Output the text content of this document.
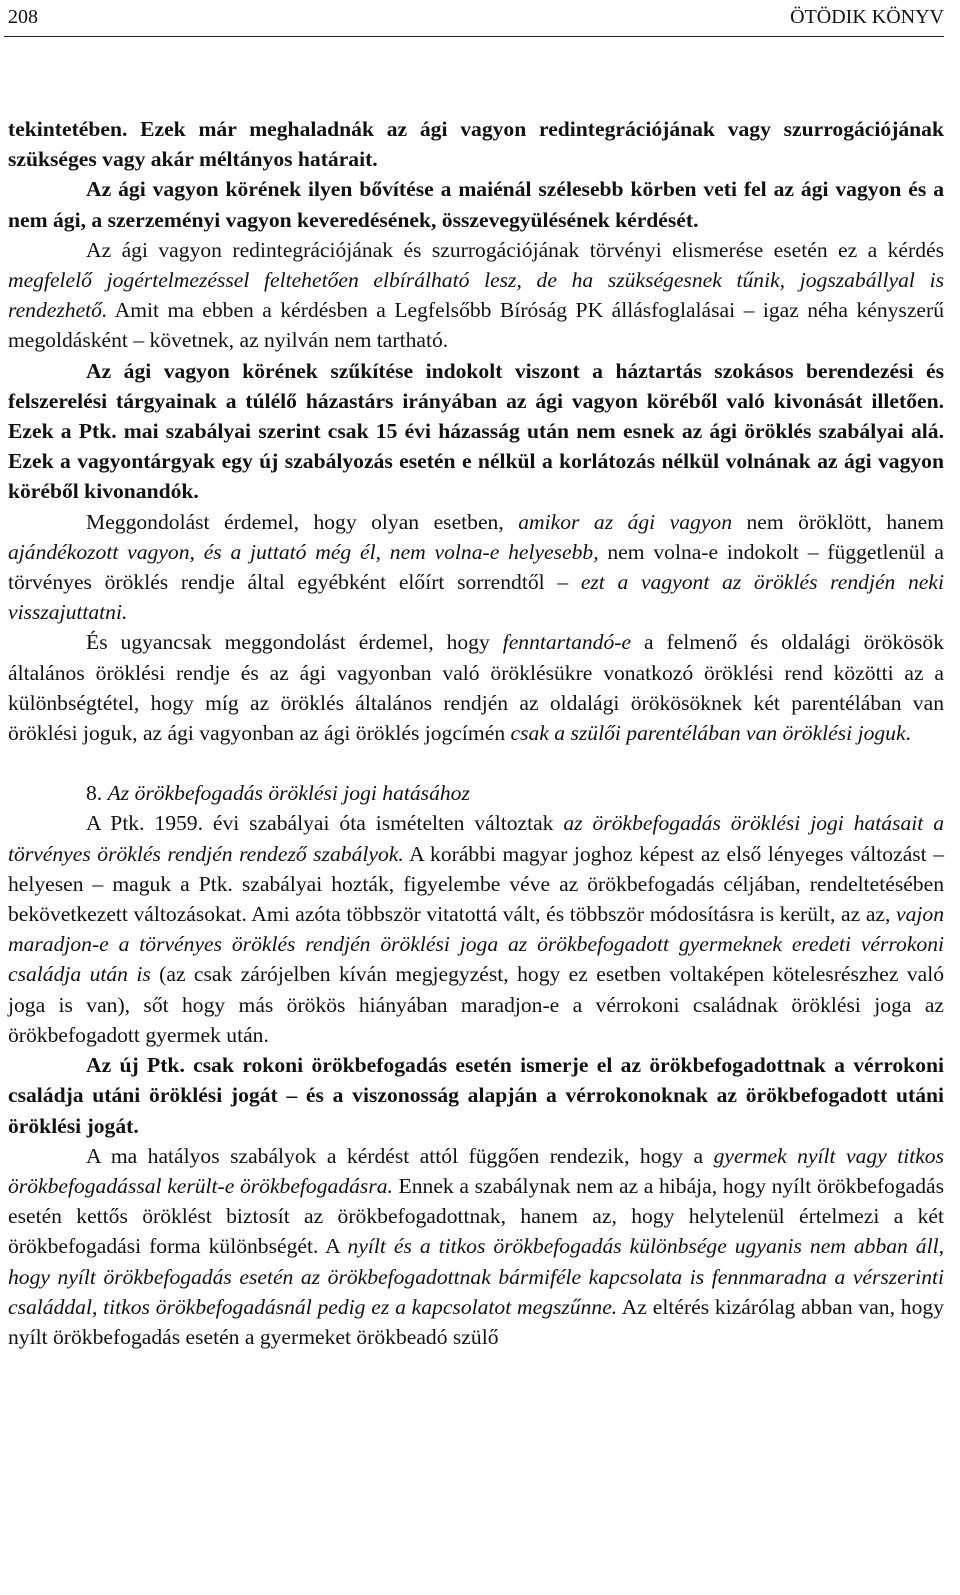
208	ÖTÖDIK KÖNYV

tekintetében. Ezek már meghaladnák az ági vagyon redintegrációjának vagy szurrogációjának szükséges vagy akár méltányos határait.

Az ági vagyon körének ilyen bővítése a maiénál szélesebb körben veti fel az ági vagyon és a nem ági, a szerzeményi vagyon keveredésének, összevegyülésének kérdését.

Az ági vagyon redintegrációjának és szurrogációjának törvényi elismerése esetén ez a kérdés megfelelő jogértelmezéssel feltehetően elbírálható lesz, de ha szükségesnek tűnik, jogszabállyal is rendezhető. Amit ma ebben a kérdésben a Legfelsőbb Bíróság PK állásfoglalásai – igaz néha kényszerű megoldásként – követnek, az nyilván nem tartható.

Az ági vagyon körének szűkítése indokolt viszont a háztartás szokásos berendezési és felszerelési tárgyainak a túlélő házastárs irányában az ági vagyon köréből való kivonását illetően. Ezek a Ptk. mai szabályai szerint csak 15 évi házasság után nem esnek az ági öröklés szabályai alá. Ezek a vagyontárgyak egy új szabályozás esetén e nélkül a korlátozás nélkül volnának az ági vagyon köréből kivonandók.

Meggondolást érdemel, hogy olyan esetben, amikor az ági vagyon nem öröklött, hanem ajándékozott vagyon, és a juttató még él, nem volna-e helyesebb, nem volna-e indokolt – függetlenül a törvényes öröklés rendje által egyébként előírt sorrendtől – ezt a vagyont az öröklés rendjén neki visszajuttatni.

És ugyancsak meggondolást érdemel, hogy fenntartandó-e a felmenő és oldalági örökösök általános öröklési rendje és az ági vagyonban való öröklésükre vonatkozó öröklési rend közötti az a különbségtétel, hogy míg az öröklés általános rendjén az oldalági örökösöknek két parentélában van öröklési joguk, az ági vagyonban az ági öröklés jogcímén csak a szülői parentélában van öröklési joguk.

8. Az örökbefogadás öröklési jogi hatásához

A Ptk. 1959. évi szabályai óta ismételten változtak az örökbefogadás öröklési jogi hatásait a törvényes öröklés rendjén rendező szabályok. A korábbi magyar joghoz képest az első lényeges változást – helyesen – maguk a Ptk. szabályai hozták, figyelembe véve az örökbefogadás céljában, rendeltetésében bekövetkezett változásokat. Ami azóta többször vitatottá vált, és többször módosításra is került, az az, vajon maradjon-e a törvényes öröklés rendjén öröklési joga az örökbefogadott gyermeknek eredeti vérrokoni családja után is (az csak zárójelben kíván megjegyzést, hogy ez esetben voltaképen kötelesrészhez való joga is van), sőt hogy más örökös hiányában maradjon-e a vérrokoni családnak öröklési joga az örökbefogadott gyermek után.

Az új Ptk. csak rokoni örökbefogadás esetén ismerje el az örökbefogadottnak a vérrokoni családja utáni öröklési jogát – és a viszonosság alapján a vérrokonoknak az örökbefogadott utáni öröklési jogát.

A ma hatályos szabályok a kérdést attól függően rendezik, hogy a gyermek nyílt vagy titkos örökbefogadással került-e örökbefogadásra. Ennek a szabálynak nem az a hibája, hogy nyílt örökbefogadás esetén kettős öröklést biztosít az örökbefogadottnak, hanem az, hogy helytelenül értelmezi a két örökbefogadási forma különbségét. A nyílt és a titkos örökbefogadás különbsége ugyanis nem abban áll, hogy nyílt örökbefogadás esetén az örökbefogadottnak bármiféle kapcsolata is fennmaradna a vérszerinti családdal, titkos örökbefogadásnál pedig ez a kapcsolatot megszűnne. Az eltérés kizárólag abban van, hogy nyílt örökbefogadás esetén a gyermeket örökbeadó szülő
